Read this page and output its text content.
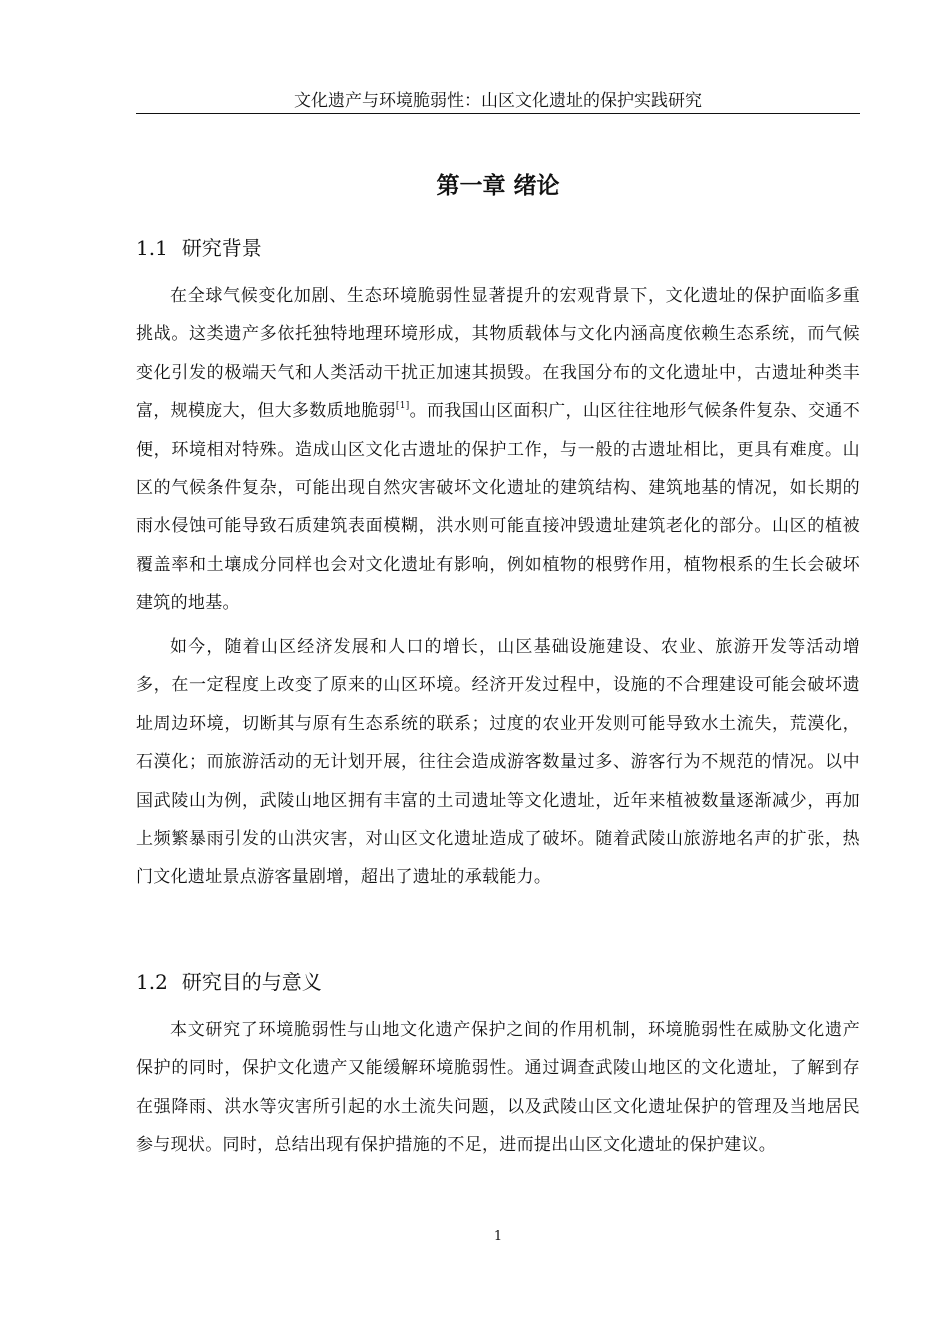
文化遗产与环境脆弱性：山区文化遗址的保护实践研究
第一章 绪论
1.1 研究背景

在全球气候变化加剧、生态环境脆弱性显著提升的宏观背景下，文化遗址的保护面临多重挑战。这类遗产多依托独特地理环境形成，其物质载体与文化内涵高度依赖生态系统，而气候变化引发的极端天气和人类活动干扰正加速其损毁。在我国分布的文化遗址中，古遗址种类丰富，规模庞大，但大多数质地脆弱[1]。而我国山区面积广，山区往往地形气候条件复杂、交通不便，环境相对特殊。造成山区文化古遗址的保护工作，与一般的古遗址相比，更具有难度。山区的气候条件复杂，可能出现自然灾害破坏文化遗址的建筑结构、建筑地基的情况，如长期的雨水侵蚀可能导致石质建筑表面模糊，洪水则可能直接冲毁遗址建筑老化的部分。山区的植被覆盖率和土壤成分同样也会对文化遗址有影响，例如植物的根劈作用，植物根系的生长会破坏建筑的地基。

如今，随着山区经济发展和人口的增长，山区基础设施建设、农业、旅游开发等活动增多，在一定程度上改变了原来的山区环境。经济开发过程中，设施的不合理建设可能会破坏遗址周边环境，切断其与原有生态系统的联系；过度的农业开发则可能导致水土流失，荒漠化，石漠化；而旅游活动的无计划开展，往往会造成游客数量过多、游客行为不规范的情况。以中国武陵山为例，武陵山地区拥有丰富的土司遗址等文化遗址，近年来植被数量逐渐减少，再加上频繁暴雨引发的山洪灾害，对山区文化遗址造成了破坏。随着武陵山旅游地名声的扩张，热门文化遗址景点游客量剧增，超出了遗址的承载能力。

1.2 研究目的与意义

本文研究了环境脆弱性与山地文化遗产保护之间的作用机制，环境脆弱性在威胁文化遗产保护的同时，保护文化遗产又能缓解环境脆弱性。通过调查武陵山地区的文化遗址，了解到存在强降雨、洪水等灾害所引起的水土流失问题，以及武陵山区文化遗址保护的管理及当地居民参与现状。同时，总结出现有保护措施的不足，进而提出山区文化遗址的保护建议。

1
